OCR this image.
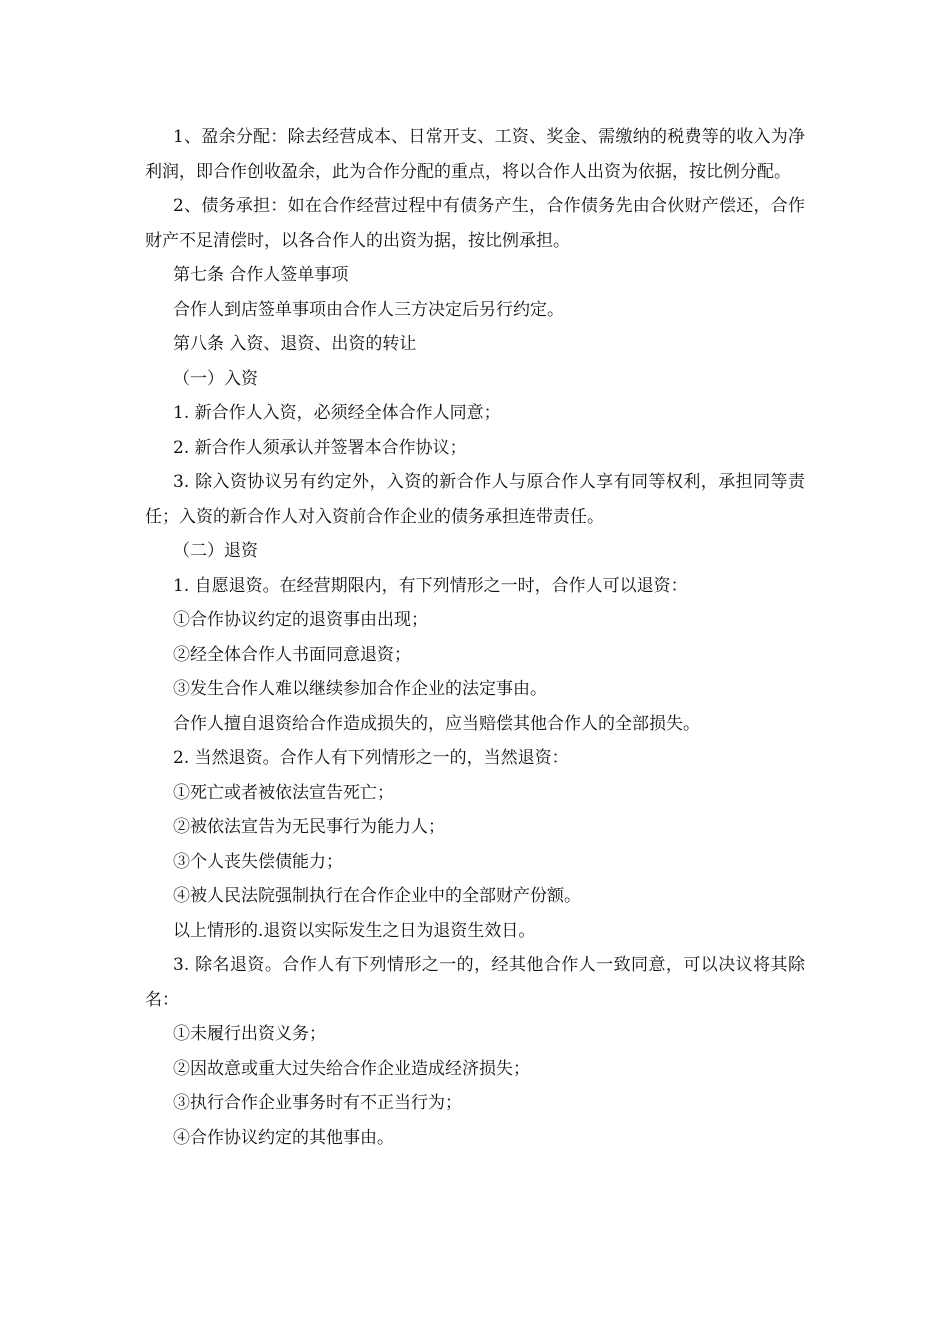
1、盈余分配：除去经营成本、日常开支、工资、奖金、需缴纳的税费等的收入为净利润，即合作创收盈余，此为合作分配的重点，将以合作人出资为依据，按比例分配。

2、债务承担：如在合作经营过程中有债务产生，合作债务先由合伙财产偿还，合作财产不足清偿时，以各合作人的出资为据，按比例承担。

第七条 合作人签单事项

合作人到店签单事项由合作人三方决定后另行约定。

第八条 入资、退资、出资的转让

（一）入资

1. 新合作人入资，必须经全体合作人同意；

2. 新合作人须承认并签署本合作协议；

3. 除入资协议另有约定外，入资的新合作人与原合作人享有同等权利，承担同等责任；入资的新合作人对入资前合作企业的债务承担连带责任。

（二）退资

1. 自愿退资。在经营期限内，有下列情形之一时，合作人可以退资：

①合作协议约定的退资事由出现；

②经全体合作人书面同意退资；

③发生合作人难以继续参加合作企业的法定事由。

合作人擅自退资给合作造成损失的，应当赔偿其他合作人的全部损失。

2. 当然退资。合作人有下列情形之一的，当然退资：

①死亡或者被依法宣告死亡；

②被依法宣告为无民事行为能力人；

③个人丧失偿债能力；

④被人民法院强制执行在合作企业中的全部财产份额。

以上情形的.退资以实际发生之日为退资生效日。

3. 除名退资。合作人有下列情形之一的，经其他合作人一致同意，可以决议将其除名：

①未履行出资义务；

②因故意或重大过失给合作企业造成经济损失；

③执行合作企业事务时有不正当行为；

④合作协议约定的其他事由。
